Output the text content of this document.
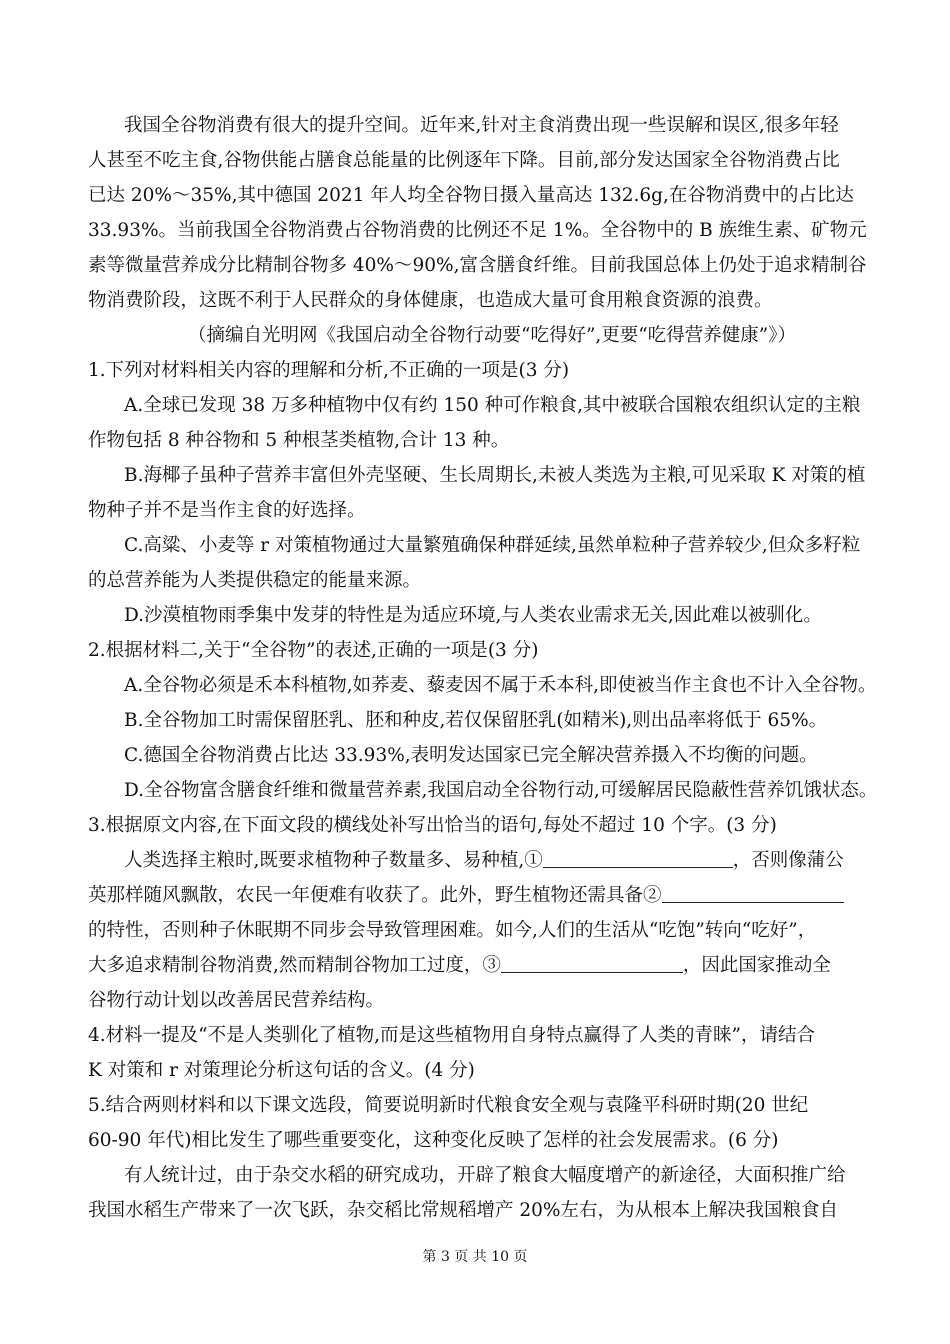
我国全谷物消费有很大的提升空间。近年来,针对主食消费出现一些误解和误区,很多年轻
人甚至不吃主食,谷物供能占膳食总能量的比例逐年下降。目前,部分发达国家全谷物消费占比
已达 20%～35%,其中德国 2021 年人均全谷物日摄入量高达 132.6g,在谷物消费中的占比达
33.93%。当前我国全谷物消费占谷物消费的比例还不足 1%。全谷物中的 B 族维生素、矿物元
素等微量营养成分比精制谷物多 40%～90%,富含膳食纤维。目前我国总体上仍处于追求精制谷
物消费阶段，这既不利于人民群众的身体健康，也造成大量可食用粮食资源的浪费。
（摘编自光明网《我国启动全谷物行动要“吃得好”,更要“吃得营养健康”》）
1.下列对材料相关内容的理解和分析,不正确的一项是(3 分)
A.全球已发现 38 万多种植物中仅有约 150 种可作粮食,其中被联合国粮农组织认定的主粮
作物包括 8 种谷物和 5 种根茎类植物,合计 13 种。
B.海椰子虽种子营养丰富但外壳坚硬、生长周期长,未被人类选为主粮,可见采取 K 对策的植
物种子并不是当作主食的好选择。
C.高粱、小麦等 r 对策植物通过大量繁殖确保种群延续,虽然单粒种子营养较少,但众多籽粒
的总营养能为人类提供稳定的能量来源。
D.沙漠植物雨季集中发芽的特性是为适应环境,与人类农业需求无关,因此难以被驯化。
2.根据材料二,关于“全谷物”的表述,正确的一项是(3 分)
A.全谷物必须是禾本科植物,如荞麦、藜麦因不属于禾本科,即使被当作主食也不计入全谷物。
B.全谷物加工时需保留胚乳、胚和种皮,若仅保留胚乳(如精米),则出品率将低于 65%。
C.德国全谷物消费占比达 33.93%,表明发达国家已完全解决营养摄入不均衡的问题。
D.全谷物富含膳食纤维和微量营养素,我国启动全谷物行动,可缓解居民隐蔽性营养饥饿状态。
3.根据原文内容,在下面文段的横线处补写出恰当的语句,每处不超过 10 个字。(3 分)
人类选择主粮时,既要求植物种子数量多、易种植,①	，否则像蒲公
英那样随风飘散，农民一年便难有收获了。此外，野生植物还需具备②
的特性，否则种子休眠期不同步会导致管理困难。如今,人们的生活从“吃饱”转向“吃好”，
大多追求精制谷物消费,然而精制谷物加工过度，③	，因此国家推动全
谷物行动计划以改善居民营养结构。
4.材料一提及“不是人类驯化了植物,而是这些植物用自身特点赢得了人类的青睐”，请结合
K 对策和 r 对策理论分析这句话的含义。(4 分)
5.结合两则材料和以下课文选段，简要说明新时代粮食安全观与袁隆平科研时期(20 世纪
60-90 年代)相比发生了哪些重要变化，这种变化反映了怎样的社会发展需求。(6 分)
有人统计过，由于杂交水稻的研究成功，开辟了粮食大幅度增产的新途径，大面积推广给
我国水稻生产带来了一次飞跃，杂交稻比常规稻增产 20%左右，为从根本上解决我国粮食自
第 3 页 共 10 页
